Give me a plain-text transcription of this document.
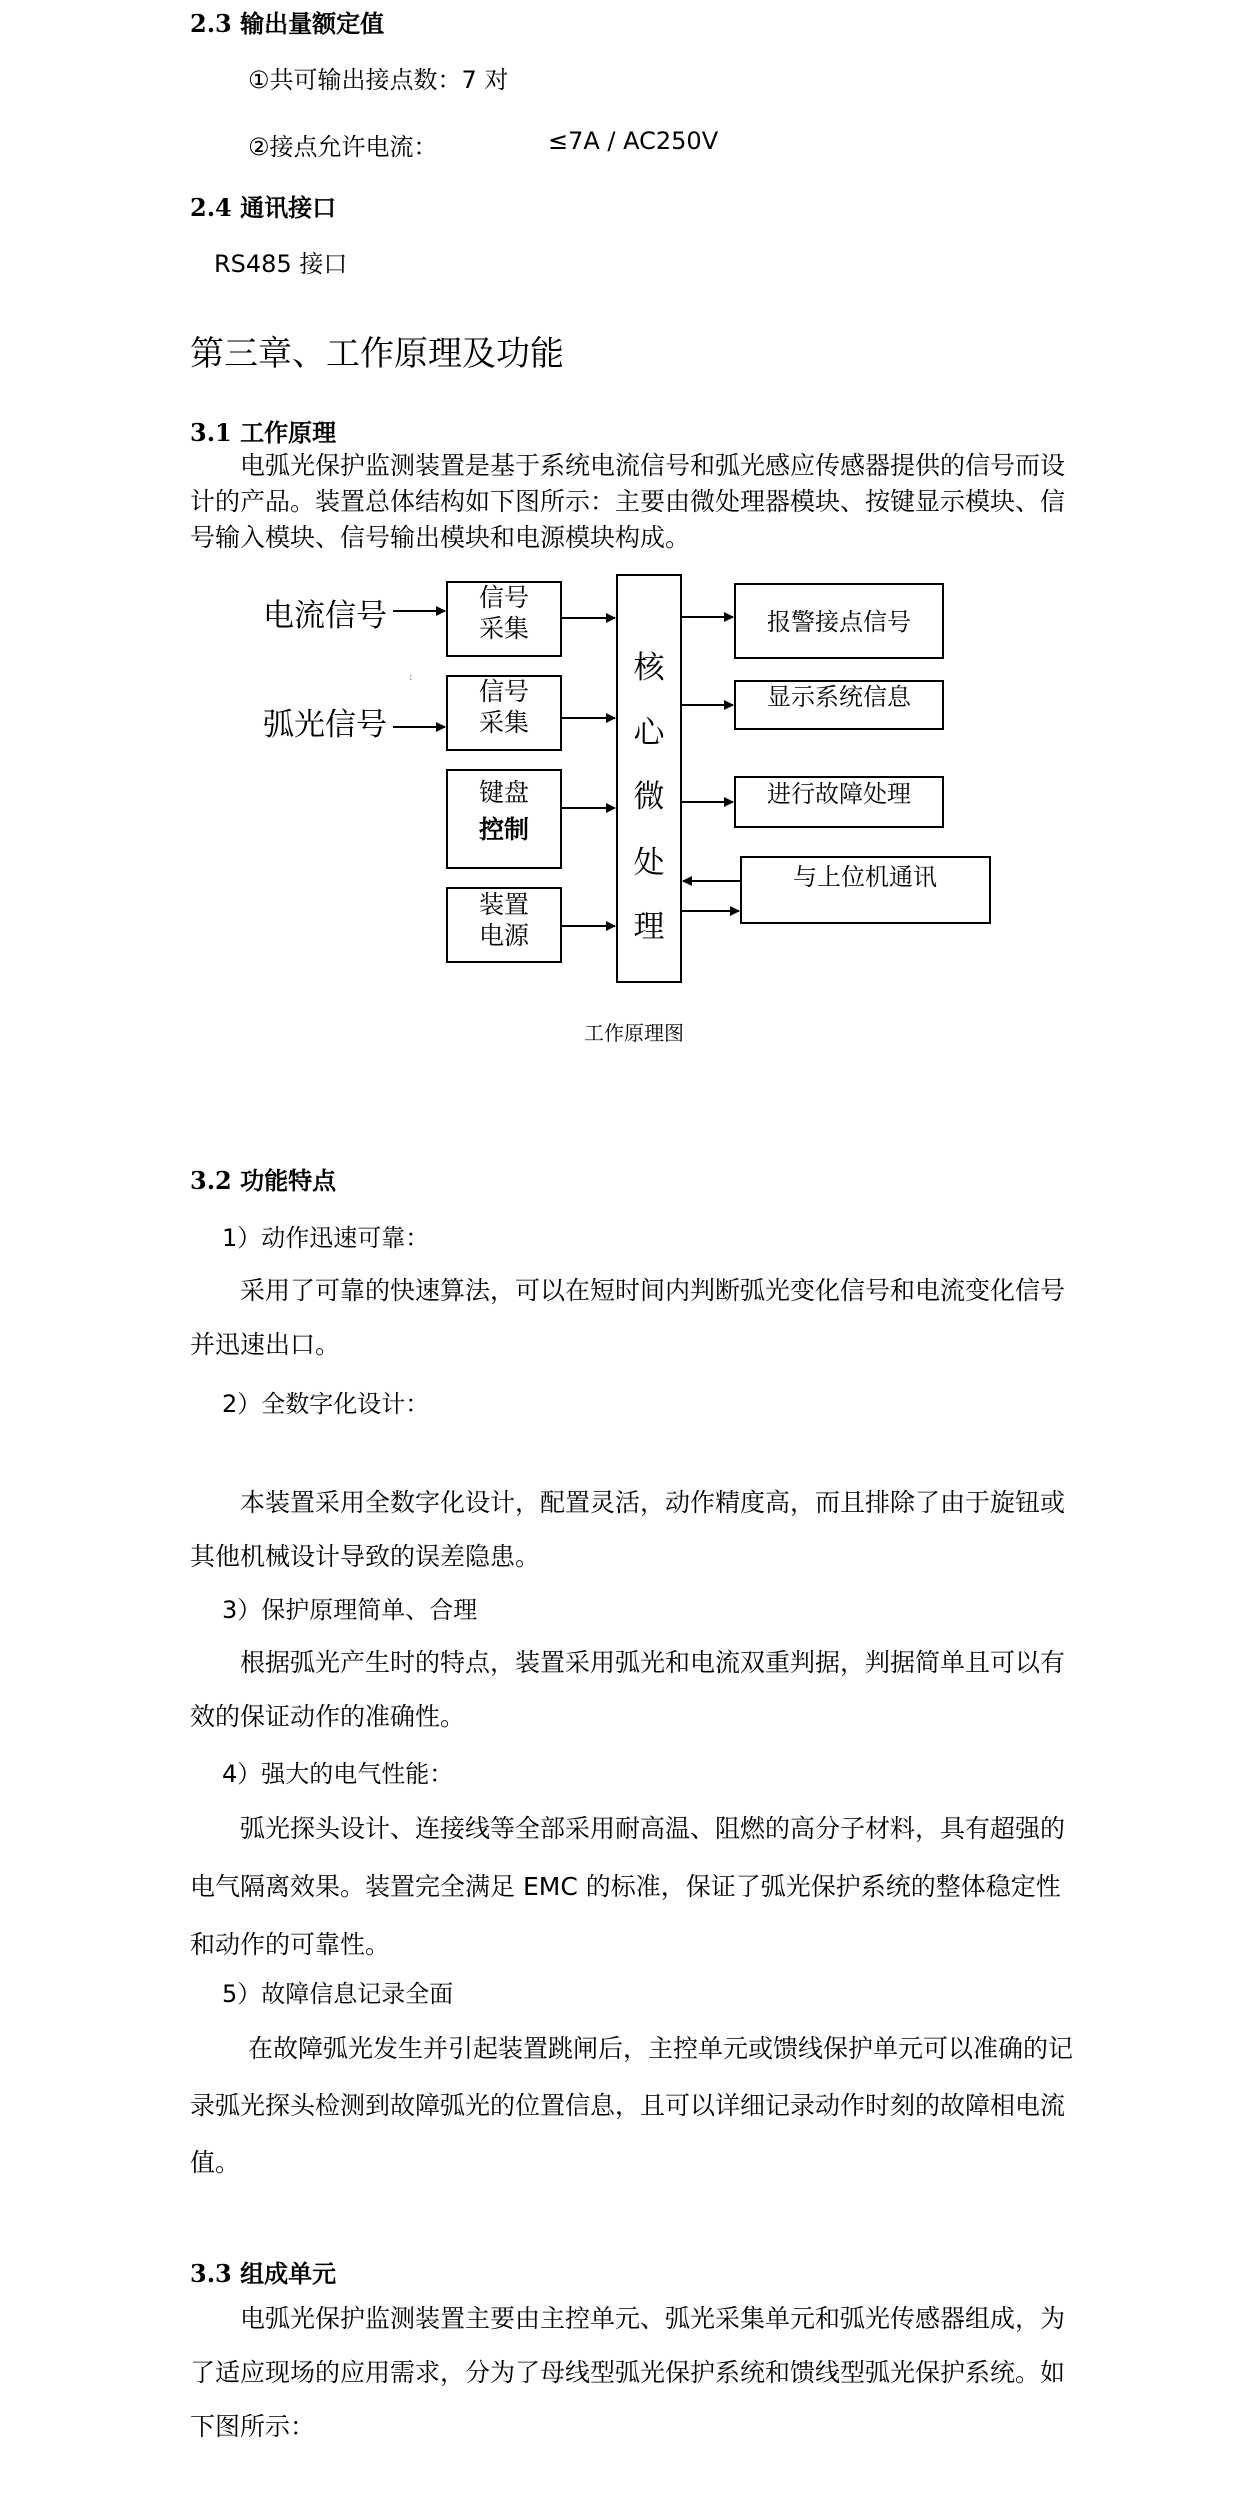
2.3 输出量额定值
①共可输出接点数：7 对
②接点允许电流：	≤7A / AC250V
2.4 通讯接口
RS485 接口
第三章、工作原理及功能
3.1 工作原理
电弧光保护监测装置是基于系统电流信号和弧光感应传感器提供的信号而设计的产品。装置总体结构如下图所示：主要由微处理器模块、按键显示模块、信号输入模块、信号输出模块和电源模块构成。
电流信号
弧光信号
:
信号
采集
信号
采集
键盘
控制
装置
电源
核
心
微
处
理
报警接点信号
显示系统信息
进行故障处理
与上位机通讯
工作原理图
3.2 功能特点
1）动作迅速可靠：
采用了可靠的快速算法，可以在短时间内判断弧光变化信号和电流变化信号并迅速出口。
2）全数字化设计：
本装置采用全数字化设计，配置灵活，动作精度高，而且排除了由于旋钮或其他机械设计导致的误差隐患。
3）保护原理简单、合理
根据弧光产生时的特点，装置采用弧光和电流双重判据，判据简单且可以有效的保证动作的准确性。
4）强大的电气性能：
弧光探头设计、连接线等全部采用耐高温、阻燃的高分子材料，具有超强的电气隔离效果。装置完全满足 EMC 的标准，保证了弧光保护系统的整体稳定性和动作的可靠性。
5）故障信息记录全面
在故障弧光发生并引起装置跳闸后，主控单元或馈线保护单元可以准确的记录弧光探头检测到故障弧光的位置信息，且可以详细记录动作时刻的故障相电流值。
3.3 组成单元
电弧光保护监测装置主要由主控单元、弧光采集单元和弧光传感器组成，为了适应现场的应用需求，分为了母线型弧光保护系统和馈线型弧光保护系统。如下图所示：
